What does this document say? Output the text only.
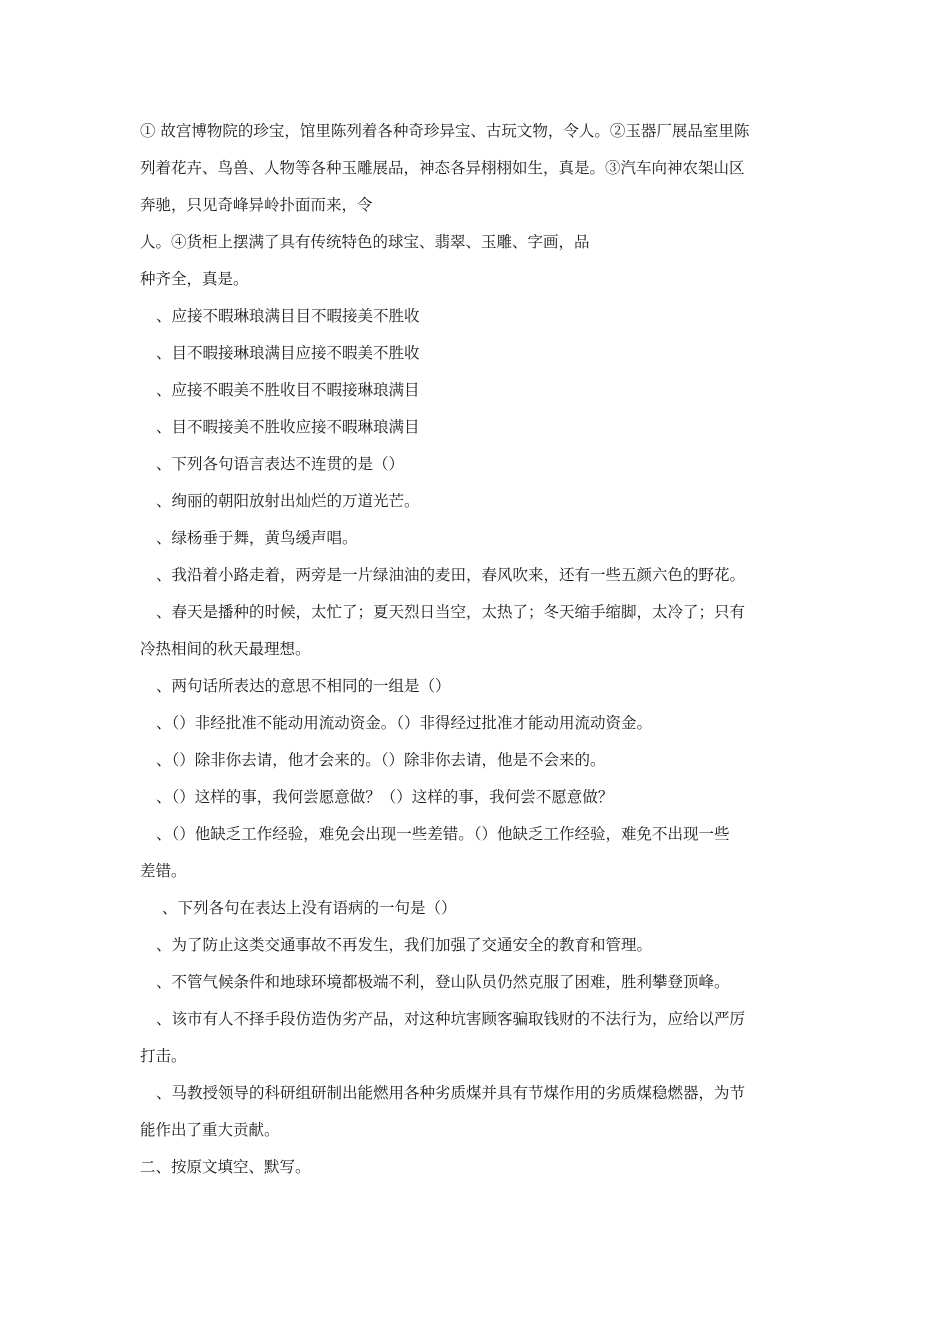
① 故宫博物院的珍宝，馆里陈列着各种奇珍异宝、古玩文物，令人。②玉器厂展品室里陈
列着花卉、鸟兽、人物等各种玉雕展品，神态各异栩栩如生，真是。③汽车向神农架山区
奔驰，只见奇峰异岭扑面而来，令
人。④货柜上摆满了具有传统特色的球宝、翡翠、玉雕、字画，品
种齐全，真是。
、应接不暇琳琅满目目不暇接美不胜收
、目不暇接琳琅满目应接不暇美不胜收
、应接不暇美不胜收目不暇接琳琅满目
、目不暇接美不胜收应接不暇琳琅满目
、下列各句语言表达不连贯的是（）
、绚丽的朝阳放射出灿烂的万道光芒。
、绿杨垂于舞，黄鸟缓声唱。
、我沿着小路走着，两旁是一片绿油油的麦田，春风吹来，还有一些五颜六色的野花。
、春天是播种的时候，太忙了；夏天烈日当空，太热了；冬天缩手缩脚，太冷了；只有
冷热相间的秋天最理想。
、两句话所表达的意思不相同的一组是（）
、（）非经批准不能动用流动资金。（）非得经过批准才能动用流动资金。
、（）除非你去请，他才会来的。（）除非你去请，他是不会来的。
、（）这样的事，我何尝愿意做？（）这样的事，我何尝不愿意做？
、（）他缺乏工作经验，难免会出现一些差错。（）他缺乏工作经验，难免不出现一些
差错。
、下列各句在表达上没有语病的一句是（）
、为了防止这类交通事故不再发生，我们加强了交通安全的教育和管理。
、不管气候条件和地球环境都极端不利，登山队员仍然克服了困难，胜利攀登顶峰。
、该市有人不择手段仿造伪劣产品，对这种坑害顾客骗取钱财的不法行为，应给以严厉
打击。
、马教授领导的科研组研制出能燃用各种劣质煤并具有节煤作用的劣质煤稳燃器，为节
能作出了重大贡献。
二、按原文填空、默写。
